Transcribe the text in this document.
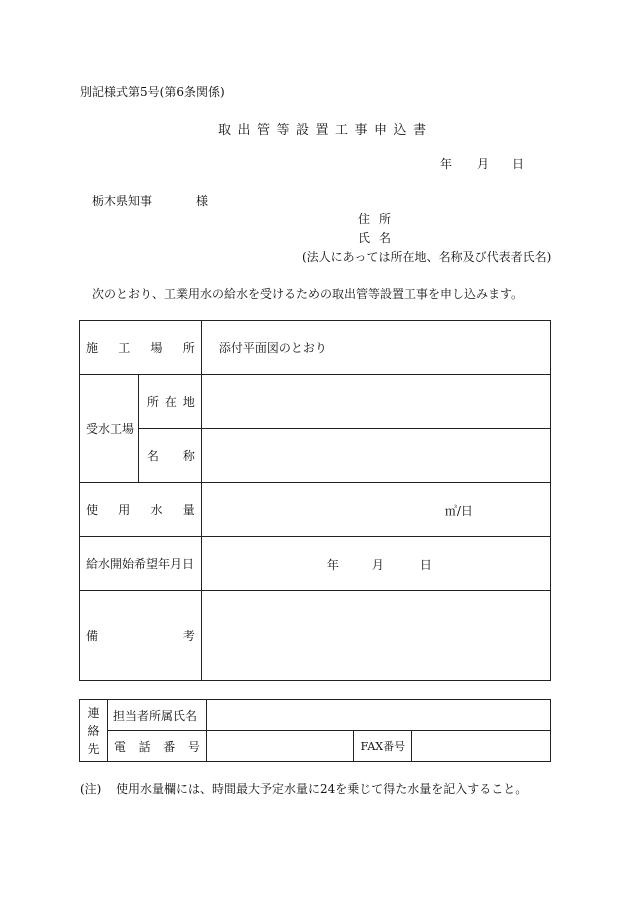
別記様式第5号(第6条関係)
取出管等設置工事申込書
年 月 日
栃木県知事	様
住所
氏名
(法人にあっては所在地、名称及び代表者氏名)
次のとおり、工業用水の給水を受けるための取出管等設置工事を申し込みます。
施 工 場 所		添付平面図のとおり
受水工場	所 在 地	

	名 称	

使 用 水 量		㎥/日

給水開始希望年月日		年 月 日

備 考		

連
絡
先	担当者所属氏名			

	電 話 番 号		FAX番号	
(注) 使用水量欄には、時間最大予定水量に24を乗じて得た水量を記入すること。
